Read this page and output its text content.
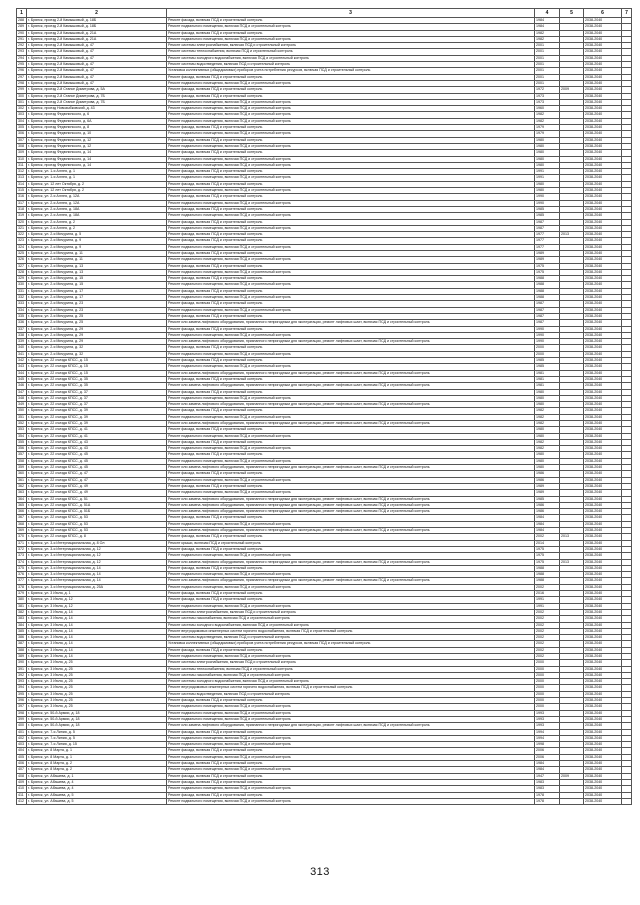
1	2	3	4	5	6	7
288	г. Брянск, проезд 2-й Камышовый, д. 18Б	Ремонт фасада, включая ПСД и строительный контроль	1984		2038-2040	
289	г. Брянск, проезд 2-й Камышовый, д. 18Б	Ремонт подвального помещения, включая ПСД и строительный контроль	1984		2038-2040	
290	г. Брянск, проезд 2-й Камышовый, д. 21А	Ремонт фасада, включая ПСД и строительный контроль	1982		2038-2040	
291	г. Брянск, проезд 2-й Камышовый, д. 21А	Ремонт подвального помещения, включая ПСД и строительный контроль	1982		2038-2040	
292	г. Брянск, проезд 2-й Камышовый, д. 47	Ремонт системы электроснабжения, включая ПСД и строительный контроль	2001		2038-2040	
293	г. Брянск, проезд 2-й Камышовый, д. 47	Ремонт системы теплоснабжения, включая ПСД и строительный контроль	2001		2038-2040	
294	г. Брянск, проезд 2-й Камышовый, д. 47	Ремонт системы холодного водоснабжения, включая ПСД и строительный контроль	2001		2038-2040	
295	г. Брянск, проезд 2-й Камышовый, д. 47	Ремонт системы водоотведения, включая ПСД и строительный контроль	2001		2038-2040	
296	г. Брянск, проезд 2-й Камышовый, д. 47	Установка коллективных (общедомовых) приборов учета потребления ресурсов, включая ПСД и строительный контроль	2001		2038-2040	
297	г. Брянск, проезд 2-й Камышовый, д. 47	Ремонт фасада, включая ПСД и строительный контроль	2001		2038-2040	
298	г. Брянск, проезд 2-й Камышовый, д. 47	Ремонт подвального помещения, включая ПСД и строительный контроль	2001		2038-2040	
299	г. Брянск, проезд 2-й Станке Димитрова, д. 5А	Ремонт фасада, включая ПСД и строительный контроль	1972	2009	2038-2040	
300	г. Брянск, проезд 2-й Станке Димитрова, д. 7Б	Ремонт фасада, включая ПСД и строительный контроль	1973		2038-2040	
301	г. Брянск, проезд 2-й Станке Димитрова, д. 7Б	Ремонт подвального помещения, включая ПСД и строительный контроль	1973		2038-2040	
302	г. Брянск, проезд Новозыбковский, д. 43	Ремонт подвального помещения, включая ПСД и строительный контроль	1960		2038-2040	
303	г. Брянск, проезд Федюнинского, д. 6	Ремонт подвального помещения, включая ПСД и строительный контроль	1982		2038-2040	
304	г. Брянск, проезд Федюнинского, д. 6А	Ремонт подвального помещения, включая ПСД и строительный контроль	1982		2038-2040	
305	г. Брянск, проезд Федюнинского, д. 8	Ремонт фасада, включая ПСД и строительный контроль	1979		2038-2040	
306	г. Брянск, проезд Федюнинского, д. 10	Ремонт подвального помещения, включая ПСД и строительный контроль	1979		2038-2040	
307	г. Брянск, проезд Федюнинского, д. 12	Ремонт фасада, включая ПСД и строительный контроль	1980		2038-2040	
308	г. Брянск, проезд Федюнинского, д. 12	Ремонт подвального помещения, включая ПСД и строительный контроль	1980		2038-2040	
309	г. Брянск, проезд Федюнинского, д. 14	Ремонт фасада, включая ПСД и строительный контроль	1980		2038-2040	
310	г. Брянск, проезд Федюнинского, д. 14	Ремонт подвального помещения, включая ПСД и строительный контроль	1980		2038-2040	
311	г. Брянск, проезд Федюнинского, д. 14	Ремонт подвального помещения, включая ПСД и строительный контроль	1980		2038-2040	
312	г. Брянск, ул. 1-я Аллея, д. 1	Ремонт фасада, включая ПСД и строительный контроль	1991		2038-2040	
313	г. Брянск, ул. 1-я Аллея, д. 1	Ремонт подвального помещения, включая ПСД и строительный контроль	1991		2038-2040	
314	г. Брянск, ул. 12 лет Октября, д. 2	Ремонт фасада, включая ПСД и строительный контроль	1980		2038-2040	
315	г. Брянск, ул. 12 лет Октября, д. 2	Ремонт подвального помещения, включая ПСД и строительный контроль	1980		2038-2040	
316	г. Брянск, ул. 2-я Аллея, д. 12А	Ремонт фасада, включая ПСД и строительный контроль	1990		2038-2040	
317	г. Брянск, ул. 2-я Аллея, д. 12А	Ремонт подвального помещения, включая ПСД и строительный контроль	1990		2038-2040	
318	г. Брянск, ул. 2-я Аллея, д. 18А	Ремонт фасада, включая ПСД и строительный контроль	1985		2038-2040	
319	г. Брянск, ул. 2-я Аллея, д. 18А	Ремонт подвального помещения, включая ПСД и строительный контроль	1985		2038-2040	
320	г. Брянск, ул. 2-я Аллея, д. 2	Ремонт фасада, включая ПСД и строительный контроль	1987		2038-2040	
321	г. Брянск, ул. 2-я Аллея, д. 2	Ремонт подвального помещения, включая ПСД и строительный контроль	1987		2038-2040	
322	г. Брянск, ул. 2-я Мичурина, д. 5	Ремонт фасада, включая ПСД и строительный контроль	1977	2013	2038-2040	
323	г. Брянск, ул. 2-я Мичурина, д. 9	Ремонт фасада, включая ПСД и строительный контроль	1977		2038-2040	
324	г. Брянск, ул. 2-я Мичурина, д. 9	Ремонт подвального помещения, включая ПСД и строительный контроль	1977		2038-2040	
325	г. Брянск, ул. 2-я Мичурина, д. 11	Ремонт фасада, включая ПСД и строительный контроль	1989		2038-2040	
326	г. Брянск, ул. 2-я Мичурина, д. 11	Ремонт подвального помещения, включая ПСД и строительный контроль	1989		2038-2040	
327	г. Брянск, ул. 2-я Мичурина, д. 13	Ремонт фасада, включая ПСД и строительный контроль	1975		2038-2040	
328	г. Брянск, ул. 2-я Мичурина, д. 13	Ремонт подвального помещения, включая ПСД и строительный контроль	1975		2038-2040	
329	г. Брянск, ул. 2-я Мичурина, д. 15	Ремонт фасада, включая ПСД и строительный контроль	1988		2038-2040	
330	г. Брянск, ул. 2-я Мичурина, д. 15	Ремонт подвального помещения, включая ПСД и строительный контроль	1988		2038-2040	
331	г. Брянск, ул. 2-я Мичурина, д. 17	Ремонт фасада, включая ПСД и строительный контроль	1988		2038-2040	
332	г. Брянск, ул. 2-я Мичурина, д. 17	Ремонт подвального помещения, включая ПСД и строительный контроль	1988		2038-2040	
333	г. Брянск, ул. 2-я Мичурина, д. 23	Ремонт фасада, включая ПСД и строительный контроль	1987		2038-2040	
334	г. Брянск, ул. 2-я Мичурина, д. 23	Ремонт подвального помещения, включая ПСД и строительный контроль	1987		2038-2040	
335	г. Брянск, ул. 2-я Мичурина, д. 25	Ремонт фасада, включая ПСД и строительный контроль	1987		2038-2040	
336	г. Брянск, ул. 2-я Мичурина, д. 25	Ремонт или замена лифтового оборудования, признанного непригодным для эксплуатации, ремонт лифтовых шахт, включая ПСД и строительный контроль	1987		2038-2040	
337	г. Брянск, ул. 2-я Мичурина, д. 29	Ремонт фасада, включая ПСД и строительный контроль	1990		2038-2040	
338	г. Брянск, ул. 2-я Мичурина, д. 29	Ремонт подвального помещения, включая ПСД и строительный контроль	1990		2038-2040	
339	г. Брянск, ул. 2-я Мичурина, д. 29	Ремонт или замена лифтового оборудования, признанного непригодным для эксплуатации, ремонт лифтовых шахт, включая ПСД и строительный контроль	1990		2038-2040	
340	г. Брянск, ул. 2-я Мичурина, д. 32	Ремонт фасада, включая ПСД и строительный контроль	2000		2038-2040	
341	г. Брянск, ул. 2-я Мичурина, д. 32	Ремонт подвального помещения, включая ПСД и строительный контроль	2000		2038-2040	
342	г. Брянск, ул. 22 съезда КПСС, д. 15	Ремонт фасада, включая ПСД и строительный контроль	1985		2038-2040	
343	г. Брянск, ул. 22 съезда КПСС, д. 15	Ремонт подвального помещения, включая ПСД и строительный контроль	1985		2038-2040	
344	г. Брянск, ул. 22 съезда КПСС, д. 15	Ремонт или замена лифтового оборудования, признанного непригодным для эксплуатации, ремонт лифтовых шахт, включая ПСД и строительный контроль	1981		2038-2040	
345	г. Брянск, ул. 22 съезда КПСС, д. 35	Ремонт фасада, включая ПСД и строительный контроль	1981		2038-2040	
346	г. Брянск, ул. 22 съезда КПСС, д. 35	Ремонт или замена лифтового оборудования, признанного непригодным для эксплуатации, ремонт лифтовых шахт, включая ПСД и строительный контроль	1981		2038-2040	
347	г. Брянск, ул. 22 съезда КПСС, д. 37	Ремонт фасада, включая ПСД и строительный контроль	1980		2038-2040	
348	г. Брянск, ул. 22 съезда КПСС, д. 37	Ремонт подвального помещения, включая ПСД и строительный контроль	1980		2038-2040	
349	г. Брянск, ул. 22 съезда КПСС, д. 37	Ремонт или замена лифтового оборудования, признанного непригодным для эксплуатации, ремонт лифтовых шахт, включая ПСД и строительный контроль	1980		2038-2040	
350	г. Брянск, ул. 22 съезда КПСС, д. 39	Ремонт фасада, включая ПСД и строительный контроль	1982		2038-2040	
351	г. Брянск, ул. 22 съезда КПСС, д. 39	Ремонт подвального помещения, включая ПСД и строительный контроль	1982		2038-2040	
352	г. Брянск, ул. 22 съезда КПСС, д. 39	Ремонт или замена лифтового оборудования, признанного непригодным для эксплуатации, ремонт лифтовых шахт, включая ПСД и строительный контроль	1982		2038-2040	
353	г. Брянск, ул. 22 съезда КПСС, д. 41	Ремонт фасада, включая ПСД и строительный контроль	1980		2038-2040	
354	г. Брянск, ул. 22 съезда КПСС, д. 41	Ремонт подвального помещения, включая ПСД и строительный контроль	1980		2038-2040	
355	г. Брянск, ул. 22 съезда КПСС, д. 43	Ремонт фасада, включая ПСД и строительный контроль	1982		2038-2040	
356	г. Брянск, ул. 22 съезда КПСС, д. 43	Ремонт подвального помещения, включая ПСД и строительный контроль	1982		2038-2040	
357	г. Брянск, ул. 22 съезда КПСС, д. 45	Ремонт фасада, включая ПСД и строительный контроль	1980		2038-2040	
358	г. Брянск, ул. 22 съезда КПСС, д. 45	Ремонт подвального помещения, включая ПСД и строительный контроль	1980		2038-2040	
359	г. Брянск, ул. 22 съезда КПСС, д. 45	Ремонт или замена лифтового оборудования, признанного непригодным для эксплуатации, ремонт лифтовых шахт, включая ПСД и строительный контроль	1980		2038-2040	
360	г. Брянск, ул. 22 съезда КПСС, д. 47	Ремонт фасада, включая ПСД и строительный контроль	1986		2038-2040	
361	г. Брянск, ул. 22 съезда КПСС, д. 47	Ремонт подвального помещения, включая ПСД и строительный контроль	1986		2038-2040	
362	г. Брянск, ул. 22 съезда КПСС, д. 49	Ремонт фасада, включая ПСД и строительный контроль	1989		2038-2040	
363	г. Брянск, ул. 22 съезда КПСС, д. 49	Ремонт подвального помещения, включая ПСД и строительный контроль	1989		2038-2040	
364	г. Брянск, ул. 22 съезда КПСС, д. 51	Ремонт или замена лифтового оборудования, признанного непригодным для эксплуатации, ремонт лифтовых шахт, включая ПСД и строительный контроль	1985		2038-2040	
365	г. Брянск, ул. 22 съезда КПСС, д. 51А	Ремонт или замена лифтового оборудования, признанного непригодным для эксплуатации, ремонт лифтовых шахт, включая ПСД и строительный контроль	1986		2038-2040	
366	г. Брянск, ул. 22 съезда КПСС, д. 51Б	Ремонт или замена лифтового оборудования, признанного непригодным для эксплуатации, ремонт лифтовых шахт, включая ПСД и строительный контроль	1986		2038-2040	
367	г. Брянск, ул. 22 съезда КПСС, д. 53	Ремонт фасада, включая ПСД и строительный контроль	1984		2038-2040	
368	г. Брянск, ул. 22 съезда КПСС, д. 53	Ремонт подвального помещения, включая ПСД и строительный контроль	1984		2038-2040	
369	г. Брянск, ул. 22 съезда КПСС, д. 53	Ремонт или замена лифтового оборудования, признанного непригодным для эксплуатации, ремонт лифтовых шахт, включая ПСД и строительный контроль	1984		2038-2040	
370	г. Брянск, ул. 22 съезда КПСС, д. 8	Ремонт фасада, включая ПСД и строительный контроль	2002	2013	2038-2040	
371	г. Брянск, ул. 3-я Интернациональная, д. 8 Ол	Ремонт крыши, включая ПСД и строительный контроль	2014		2038-2040	
372	г. Брянск, ул. 3-я Интернациональная, д. 12	Ремонт фасада, включая ПСД и строительный контроль	1975		2038-2040	
373	г. Брянск, ул. 3-я Интернациональная, д. 12	Ремонт подвального помещения, включая ПСД и строительный контроль	1975		2038-2040	
374	г. Брянск, ул. 3-я Интернациональная, д. 12	Ремонт или замена лифтового оборудования, признанного непригодным для эксплуатации, ремонт лифтовых шахт, включая ПСД и строительный контроль	1975	2013	2038-2040	
375	г. Брянск, ул. 3-я Интернациональная, д. 14	Ремонт фасада, включая ПСД и строительный контроль	1988		2038-2040	
376	г. Брянск, ул. 3-я Интернациональная, д. 14	Ремонт подвального помещения, включая ПСД и строительный контроль	1988		2038-2040	
377	г. Брянск, ул. 3-я Интернациональная, д. 14	Ремонт или замена лифтового оборудования, признанного непригодным для эксплуатации, ремонт лифтовых шахт, включая ПСД и строительный контроль	1988		2038-2040	
378	г. Брянск, ул. 3-я Интернациональная, д. 25А	Ремонт подвального помещения, включая ПСД и строительный контроль	2002		2038-2040	
379	г. Брянск, ул. 3 Июля, д. 1	Ремонт фасада, включая ПСД и строительный контроль	2016		2038-2040	
380	г. Брянск, ул. 3 Июля, д. 12	Ремонт фасада, включая ПСД и строительный контроль	1991		2038-2040	
381	г. Брянск, ул. 3 Июля, д. 12	Ремонт подвального помещения, включая ПСД и строительный контроль	1991		2038-2040	
382	г. Брянск, ул. 3 Июля, д. 14	Ремонт системы электроснабжения, включая ПСД и строительный контроль	2002		2038-2040	
383	г. Брянск, ул. 3 Июля, д. 14	Ремонт системы газоснабжения, включая ПСД и строительный контроль	2002		2038-2040	
384	г. Брянск, ул. 3 Июля, д. 14	Ремонт системы холодного водоснабжения, включая ПСД и строительный контроль	2002		2038-2040	
385	г. Брянск, ул. 3 Июля, д. 14	Ремонт внутридомовых инженерных систем горячего водоснабжения, включая ПСД и строительный контроль	2002		2038-2040	
386	г. Брянск, ул. 3 Июля, д. 14	Ремонт системы водоотведения, включая ПСД и строительный контроль	2002		2038-2040	
387	г. Брянск, ул. 3 Июля, д. 14	Установка коллективных (общедомовых) приборов учета потребления ресурсов, включая ПСД и строительный контроль	2002		2038-2040	
388	г. Брянск, ул. 3 Июля, д. 14	Ремонт фасада, включая ПСД и строительный контроль	2002		2038-2040	
389	г. Брянск, ул. 3 Июля, д. 14	Ремонт подвального помещения, включая ПСД и строительный контроль	2002		2038-2040	
390	г. Брянск, ул. 3 Июля, д. 25	Ремонт системы электроснабжения, включая ПСД и строительный контроль	2000		2038-2040	
391	г. Брянск, ул. 3 Июля, д. 25	Ремонт системы теплоснабжения, включая ПСД и строительный контроль	2000		2038-2040	
392	г. Брянск, ул. 3 Июля, д. 25	Ремонт системы газоснабжения, включая ПСД и строительный контроль	2000		2038-2040	
393	г. Брянск, ул. 3 Июля, д. 25	Ремонт системы холодного водоснабжения, включая ПСД и строительный контроль	2000		2038-2040	
394	г. Брянск, ул. 3 Июля, д. 25	Ремонт внутридомовых инженерных систем горячего водоснабжения, включая ПСД и строительный контроль	2000		2038-2040	
395	г. Брянск, ул. 3 Июля, д. 25	Ремонт системы водоотведения, включая ПСД и строительный контроль	2000		2038-2040	
396	г. Брянск, ул. 3 Июля, д. 25	Ремонт фасада, включая ПСД и строительный контроль	2000		2038-2040	
397	г. Брянск, ул. 3 Июля, д. 25	Ремонт подвального помещения, включая ПСД и строительный контроль	2000		2038-2040	
398	г. Брянск, ул. 50-й Армии, д. 18	Ремонт подвального помещения, включая ПСД и строительный контроль	1993		2038-2040	
399	г. Брянск, ул. 50-й Армии, д. 18	Ремонт подвального помещения, включая ПСД и строительный контроль	1993		2038-2040	
400	г. Брянск, ул. 50-й Армии, д. 18	Ремонт или замена лифтового оборудования, признанного непригодным для эксплуатации, ремонт лифтовых шахт, включая ПСД и строительный контроль	1993		2038-2040	
401	г. Брянск, ул. 7-я Линия, д. 5	Ремонт фасада, включая ПСД и строительный контроль	1994		2038-2040	
402	г. Брянск, ул. 7-я Линия, д. 5	Ремонт подвального помещения, включая ПСД и строительный контроль	1994		2038-2040	
403	г. Брянск, ул. 7-я Линия, д. 15	Ремонт подвального помещения, включая ПСД и строительный контроль	1998		2038-2040	
404	г. Брянск, ул. 8 Марта, д. 1	Ремонт фасада, включая ПСД и строительный контроль	2006		2038-2040	
405	г. Брянск, ул. 8 Марта, д. 1	Ремонт подвального помещения, включая ПСД и строительный контроль	2006		2038-2040	
406	г. Брянск, ул. 8 Марта, д. 2	Ремонт фасада, включая ПСД и строительный контроль	1984		2038-2040	
407	г. Брянск, ул. 8 Марта, д. 2	Ремонт подвального помещения, включая ПСД и строительный контроль	1984		2038-2040	
408	г. Брянск, ул. Абашева, д. 1	Ремонт фасада, включая ПСД и строительный контроль	1947	2009	2038-2040	
409	г. Брянск, ул. Абашева, д. 4	Ремонт фасада, включая ПСД и строительный контроль	1983		2038-2040	
410	г. Брянск, ул. Абашева, д. 4	Ремонт подвального помещения, включая ПСД и строительный контроль	1983		2038-2040	
411	г. Брянск, ул. Абашева, д. 5	Ремонт фасада, включая ПСД и строительный контроль	1978		2038-2040	
412	г. Брянск, ул. Абашева, д. 5	Ремонт подвального помещения, включая ПСД и строительный контроль	1978		2038-2040	
313
